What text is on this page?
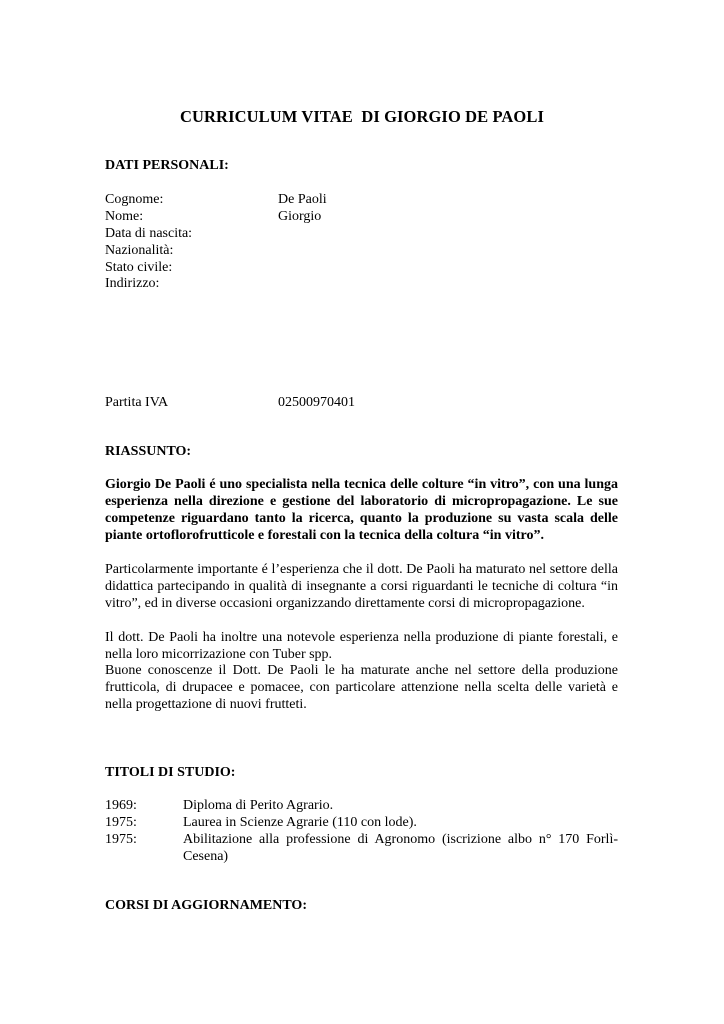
CURRICULUM VITAE  DI GIORGIO DE PAOLI
DATI PERSONALI:
Cognome:	De Paoli
Nome:	Giorgio
Data di nascita:
Nazionalità:
Stato civile:
Indirizzo:
Partita IVA	02500970401
RIASSUNTO:
Giorgio De Paoli é uno specialista nella tecnica delle colture “in vitro”, con una lunga esperienza nella direzione e gestione del laboratorio di micropropagazione. Le sue competenze riguardano tanto la ricerca, quanto la produzione su vasta scala delle piante ortoflorofrutticole e forestali con la tecnica della coltura “in vitro”.
Particolarmente importante é l’esperienza che il dott. De Paoli ha maturato nel settore della didattica partecipando in qualità di insegnante a corsi riguardanti le tecniche di coltura “in vitro”, ed in diverse occasioni organizzando direttamente corsi di micropropagazione.
Il dott. De Paoli ha inoltre una notevole esperienza nella produzione di piante forestali, e nella loro micorrizazione con Tuber spp.
Buone conoscenze il Dott. De Paoli le ha maturate anche nel settore della produzione frutticola, di drupacee e pomacee, con particolare attenzione nella scelta delle varietà e nella progettazione di nuovi frutteti.
TITOLI DI STUDIO:
1969:	Diploma di Perito Agrario.
1975:	Laurea in Scienze Agrarie (110 con lode).
1975:	Abilitazione alla professione di Agronomo (iscrizione albo n° 170 Forlì-Cesena)
CORSI DI AGGIORNAMENTO:
